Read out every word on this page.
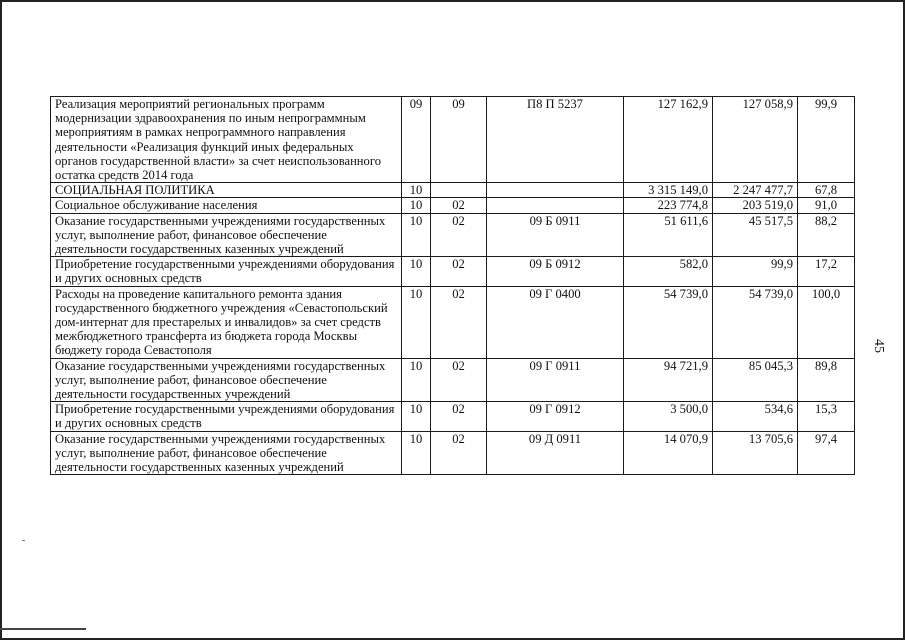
Реализация мероприятий региональных программ модернизации здравоохранения по иным непрограммным мероприятиям в рамках непрограммного направления деятельности «Реализация функций иных федеральных органов государственной власти» за счет неиспользованного остатка средств 2014 года	09	09	П8 П 5237	127 162,9	127 058,9	99,9
СОЦИАЛЬНАЯ ПОЛИТИКА	10			3 315 149,0	2 247 477,7	67,8
Социальное обслуживание населения	10	02		223 774,8	203 519,0	91,0
Оказание государственными учреждениями государственных услуг, выполнение работ, финансовое обеспечение деятельности государственных казенных учреждений	10	02	09 Б 0911	51 611,6	45 517,5	88,2
Приобретение государственными учреждениями оборудования и других основных средств	10	02	09 Б 0912	582,0	99,9	17,2
Расходы на проведение капитального ремонта здания государственного бюджетного учреждения «Севастопольский дом-интернат для престарелых и инвалидов» за счет средств межбюджетного трансферта из бюджета города Москвы бюджету города Севастополя	10	02	09 Г 0400	54 739,0	54 739,0	100,0
Оказание государственными учреждениями государственных услуг, выполнение работ, финансовое обеспечение деятельности государственных учреждений	10	02	09 Г 0911	94 721,9	85 045,3	89,8
Приобретение государственными учреждениями оборудования и других основных средств	10	02	09 Г 0912	3 500,0	534,6	15,3
Оказание государственными учреждениями государственных услуг, выполнение работ, финансовое обеспечение деятельности государственных казенных учреждений	10	02	09 Д 0911	14 070,9	13 705,6	97,4
45
